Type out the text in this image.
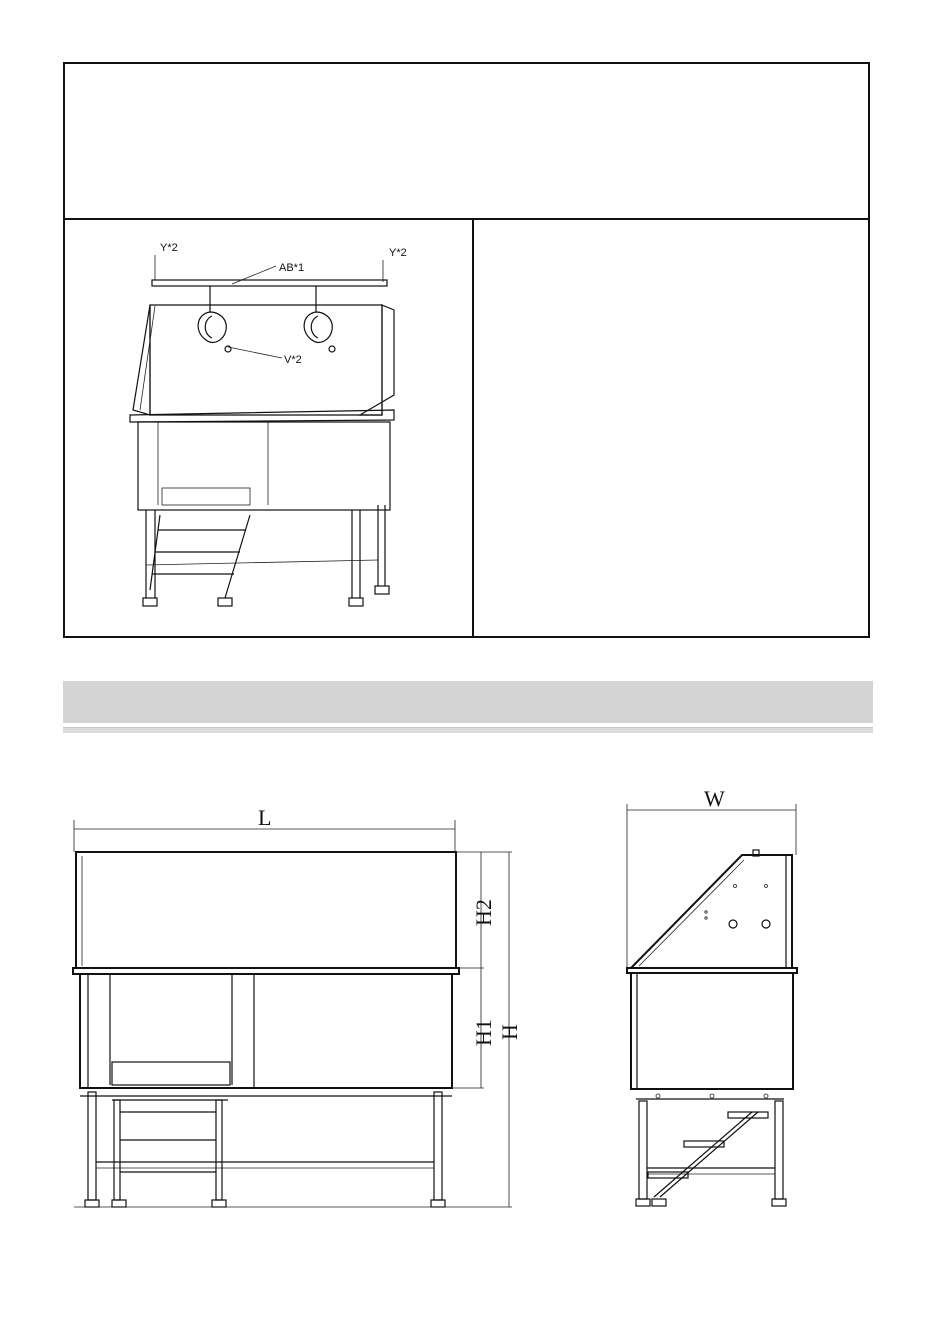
Y*2	Y*2
AB*1
V*2
L
H2
H1 H
W
